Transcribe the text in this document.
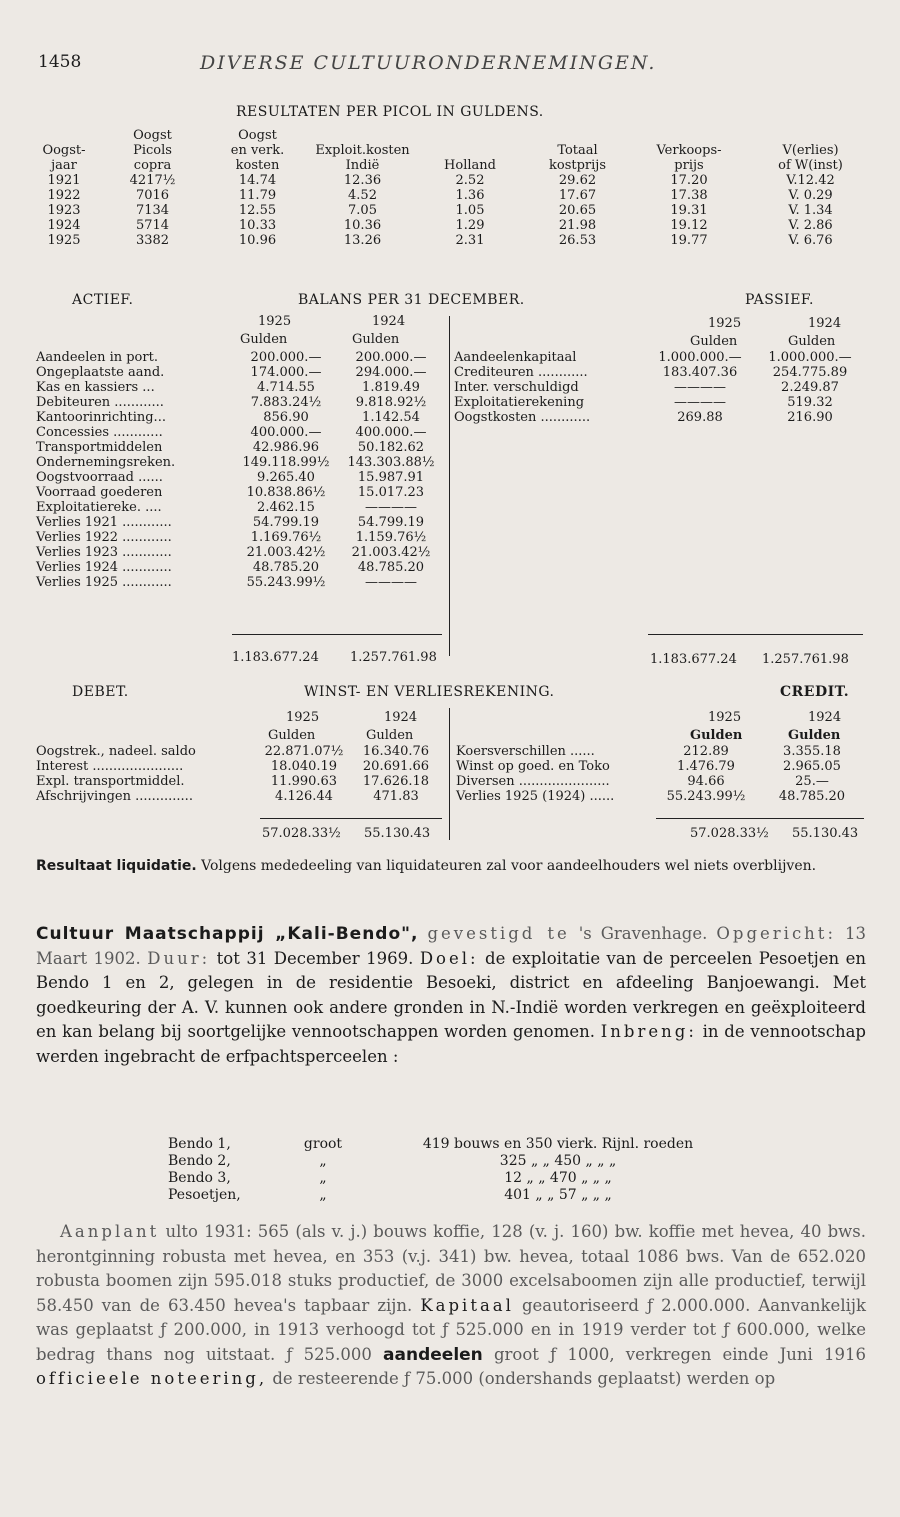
1458	DIVERSE CULTUURONDERNEMINGEN.
RESULTATEN PER PICOL IN GULDENS.
	Oogst	Oogst					
Oogst-	Picols	en verk.	Exploit.kosten		Totaal	Verkoops-	V(erlies)
jaar	copra	kosten	Indië	Holland	kostprijs	prijs	of W(inst)
1921	4217½	14.74	12.36	2.52	29.62	17.20	V.12.42
1922	7016	11.79	4.52	1.36	17.67	17.38	V. 0.29
1923	7134	12.55	7.05	1.05	20.65	19.31	V. 1.34
1924	5714	10.33	10.36	1.29	21.98	19.12	V. 2.86
1925	3382	10.96	13.26	2.31	26.53	19.77	V. 6.76
ACTIEF.	BALANS PER 31 DECEMBER.	PASSIEF.
1925	1924
Gulden	Gulden
1925	1924
Gulden	Gulden
Aandeelen in port.	200.000.—	200.000.—
Ongeplaatste aand.	174.000.—	294.000.—
Kas en kassiers ...	4.714.55	1.819.49
Debiteuren ............	7.883.24½	9.818.92½
Kantoorinrichting...	856.90	1.142.54
Concessies ............	400.000.—	400.000.—
Transportmiddelen	42.986.96	50.182.62
Ondernemingsreken.	149.118.99½	143.303.88½
Oogstvoorraad ......	9.265.40	15.987.91
Voorraad goederen	10.838.86½	15.017.23
Exploitatiereke. ....	2.462.15	————
Verlies 1921 ............	54.799.19	54.799.19
Verlies 1922 ............	1.169.76½	1.159.76½
Verlies 1923 ............	21.003.42½	21.003.42½
Verlies 1924 ............	48.785.20	48.785.20
Verlies 1925 ............	55.243.99½	————
Aandeelenkapitaal	1.000.000.—	1.000.000.—
Crediteuren ............	183.407.36	254.775.89
Inter. verschuldigd	————	2.249.87
Exploitatierekening	————	519.32
Oogstkosten ............	269.88	216.90
1.183.677.24 1.257.761.98	1.183.677.24 1.257.761.98
DEBET.	WINST- EN VERLIESREKENING.	CREDIT.
1925	1924
Gulden	Gulden
1925	1924
Gulden	Gulden
Oogstrek., nadeel. saldo	22.871.07½	16.340.76
Interest ......................	18.040.19	20.691.66
Expl. transportmiddel.	11.990.63	17.626.18
Afschrijvingen ..............	4.126.44	471.83
Koersverschillen ......	212.89	3.355.18
Winst op goed. en Toko	1.476.79	2.965.05
Diversen ......................	94.66	25.—
Verlies 1925 (1924) ......	55.243.99½	48.785.20
57.028.33½ 55.130.43	57.028.33½ 55.130.43
Resultaat liquidatie. Volgens mededeeling van liquidateuren zal voor aandeelhouders wel niets overblijven.
Cultuur Maatschappij „Kali-Bendo", gevestigd te 's Gravenhage. Opgericht: 13 Maart 1902. Duur: tot 31 December 1969. Doel: de exploitatie van de perceelen Pesoetjen en Bendo 1 en 2, gelegen in de residentie Besoeki, district en afdeeling Banjoewangi. Met goedkeuring der A. V. kunnen ook andere gronden in N.-Indië worden verkregen en geëxploiteerd en kan belang bij soortgelijke vennootschappen worden genomen. Inbreng: in de vennootschap werden ingebracht de erfpachtsperceelen :
Bendo 1,	groot	419 bouws en 350 vierk. Rijnl. roeden
Bendo 2,	„	325 „ „ 450 „ „ „
Bendo 3,	„	12 „ „ 470 „ „ „
Pesoetjen,	„	401 „ „ 57 „ „ „
Aanplant ulto 1931: 565 (als v. j.) bouws koffie, 128 (v. j. 160) bw. koffie met hevea, 40 bws. herontginning robusta met hevea, en 353 (v.j. 341) bw. hevea, totaal 1086 bws. Van de 652.020 robusta boomen zijn 595.018 stuks productief, de 3000 excelsaboomen zijn alle productief, terwijl 58.450 van de 63.450 hevea's tapbaar zijn. Kapitaal geautoriseerd ƒ 2.000.000. Aanvankelijk was geplaatst ƒ 200.000, in 1913 verhoogd tot ƒ 525.000 en in 1919 verder tot ƒ 600.000, welke bedrag thans nog uitstaat. ƒ 525.000 aandeelen groot ƒ 1000, verkregen einde Juni 1916 officieele noteering, de resteerende ƒ 75.000 (ondershands geplaatst) werden op
